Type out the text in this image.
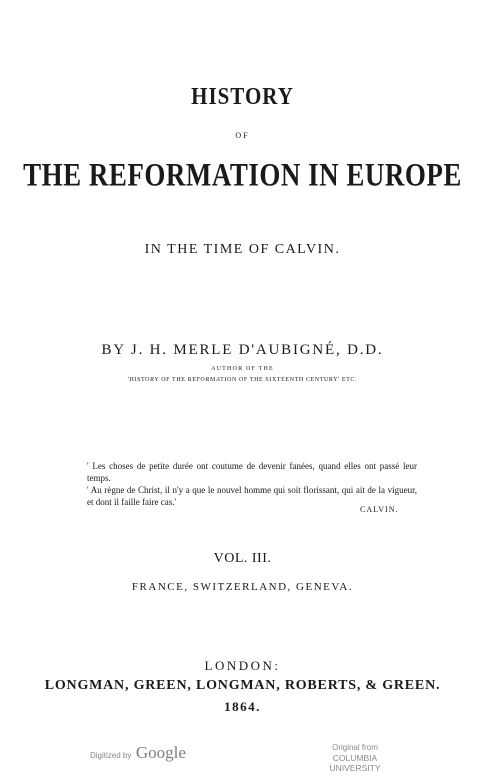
HISTORY
OF
THE REFORMATION IN EUROPE
IN THE TIME OF CALVIN.
BY J. H. MERLE D'AUBIGNÉ, D.D.
AUTHOR OF THE
'HISTORY OF THE REFORMATION OF THE SIXTEENTH CENTURY' ETC.
' Les choses de petite durée ont coutume de devenir fanées, quand elles ont passé leur temps.
' Au règne de Christ, il n'y a que le nouvel homme qui soit florissant, qui ait de la vigueur, et dont il faille faire cas.'
CALVIN.
VOL. III.
FRANCE, SWITZERLAND, GENEVA.
LONDON:
LONGMAN, GREEN, LONGMAN, ROBERTS, & GREEN.
1864.
Digitized by Google	Original from
COLUMBIA UNIVERSITY
